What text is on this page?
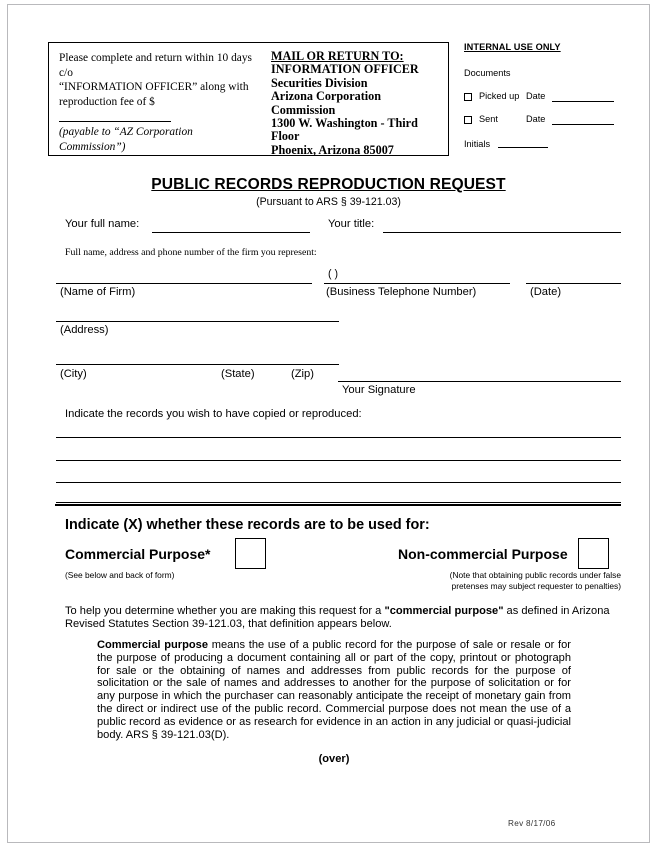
Please complete and return within 10 days c/o
“INFORMATION OFFICER” along with
reproduction fee of $
(payable to “AZ Corporation Commission”)
MAIL OR RETURN TO:
INFORMATION OFFICER
Securities Division
Arizona Corporation
Commission
1300 W. Washington - Third
Floor
Phoenix, Arizona 85007
INTERNAL USE ONLY
Documents
Picked up Date
Sent	Date
Initials
PUBLIC RECORDS REPRODUCTION REQUEST
(Pursuant to ARS § 39-121.03)
Your full name:	Your title:
Full name, address and phone number of the firm you represent:
(Name of Firm)
( )
(Business Telephone Number)	(Date)
(Address)
(City)	(State)	(Zip)
Your Signature
Indicate the records you wish to have copied or reproduced:
Indicate (X) whether these records are to be used for:
Commercial Purpose*
(See below and back of form)
Non-commercial Purpose
(Note that obtaining public records under false
pretenses may subject requester to penalties)
To help you determine whether you are making this request for a "commercial purpose" as defined in Arizona Revised Statutes Section 39-121.03, that definition appears below.
Commercial purpose means the use of a public record for the purpose of sale or resale or for the purpose of producing a document containing all or part of the copy, printout or photograph for sale or the obtaining of names and addresses from public records for the purpose of solicitation or the sale of names and addresses to another for the purpose of solicitation or for any purpose in which the purchaser can reasonably anticipate the receipt of monetary gain from the direct or indirect use of the public record. Commercial purpose does not mean the use of a public record as evidence or as research for evidence in an action in any judicial or quasi-judicial body. ARS § 39-121.03(D).
(over)
Rev 8/17/06
